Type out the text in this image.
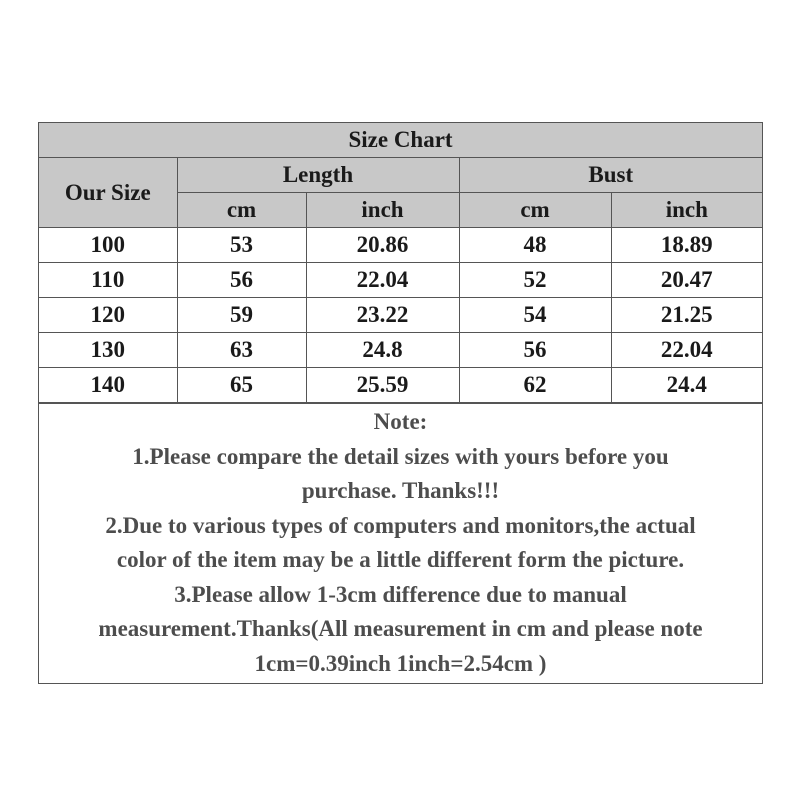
Size Chart				
Our Size	Length		Bust	
	cm	inch	cm	inch
100	53	20.86	48	18.89
110	56	22.04	52	20.47
120	59	23.22	54	21.25
130	63	24.8	56	22.04
140	65	25.59	62	24.4
Note:
1.Please compare the detail sizes with yours before you
purchase. Thanks!!!
2.Due to various types of computers and monitors,the actual
color of the item may be a little different form the picture.
3.Please allow 1-3cm difference due to manual
measurement.Thanks(All measurement in cm and please note
1cm=0.39inch 1inch=2.54cm )
